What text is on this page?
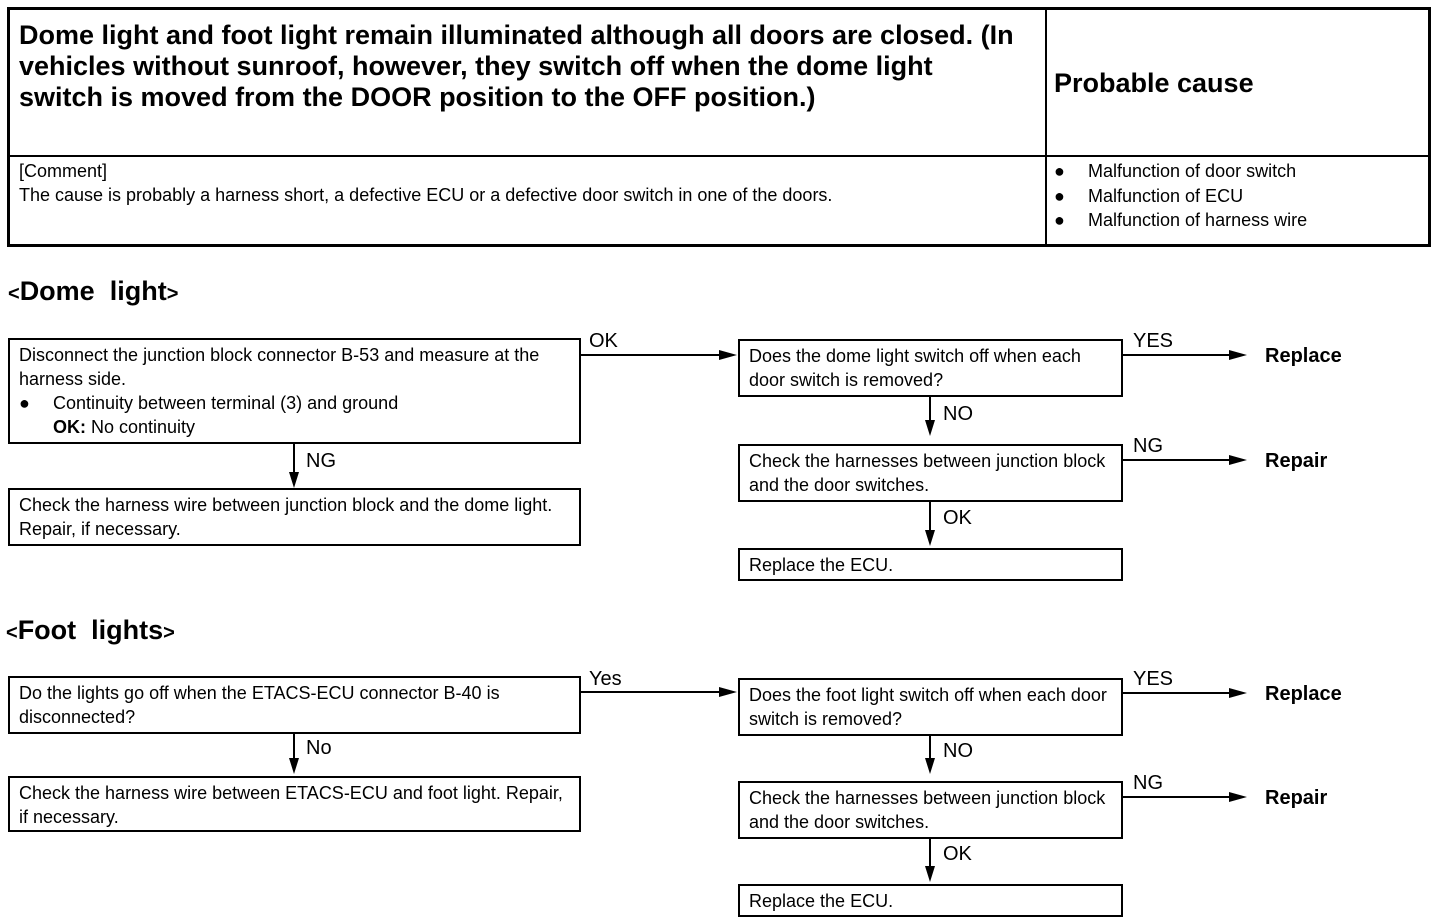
Dome light and foot light remain illuminated although all doors are closed. (In vehicles without sunroof, however, they switch off when the dome light switch is moved from the DOOR position to the OFF position.)	Probable cause
[Comment]
The cause is probably a harness short, a defective ECU or a defective door switch in one of the doors.
● Malfunction of door switch
● Malfunction of ECU
● Malfunction of harness wire
<Dome  light>
Disconnect the junction block connector B-53 and measure at the harness side.
● Continuity between terminal (3) and ground
OK: No continuity
OK
NG
Check the harness wire between junction block and the dome light. Repair, if necessary.
Does the dome light switch off when each door switch is removed?
YES
Replace
NO
Check the harnesses between junction block and the door switches.
NG
Repair
OK
Replace the ECU.
<Foot  lights>
Do the lights go off when the ETACS-ECU connector B-40 is disconnected?
Yes
No
Check the harness wire between ETACS-ECU and foot light. Repair, if necessary.
Does the foot light switch off when each door switch is removed?
YES
Replace
NO
Check the harnesses between junction block and the door switches.
NG
Repair
OK
Replace the ECU.
